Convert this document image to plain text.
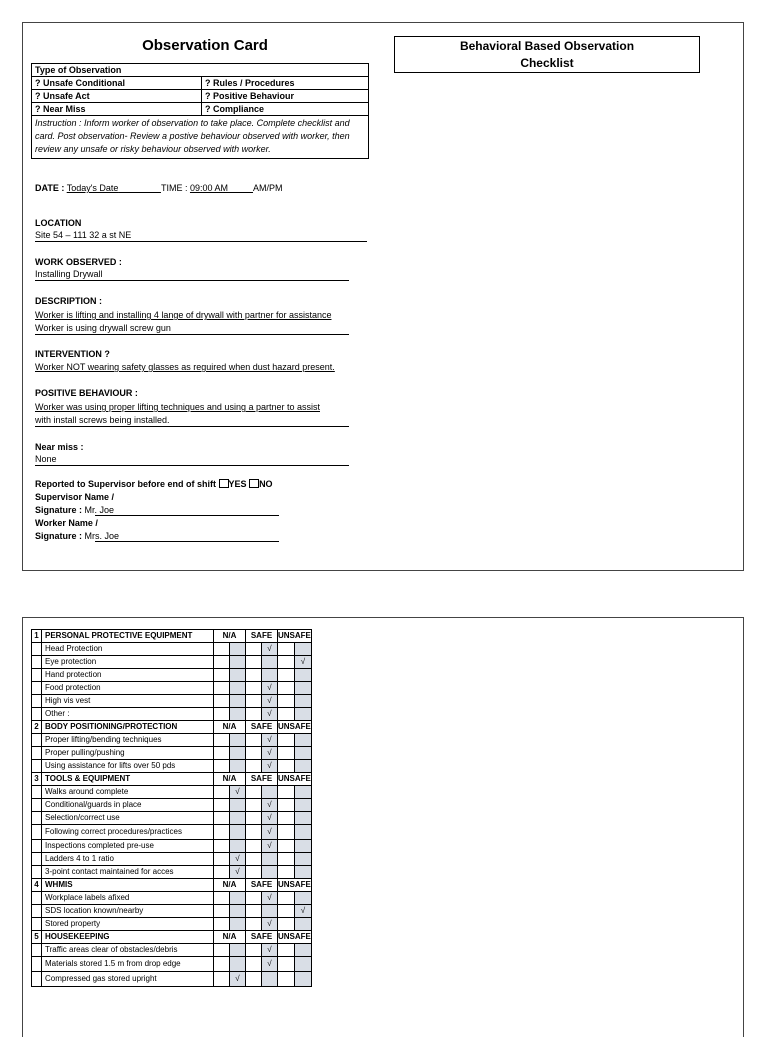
Observation Card
Type of Observation	
? Unsafe Conditional	? Rules / Procedures
? Unsafe Act	? Positive Behaviour
? Near Miss	? Compliance
Instruction : Inform worker of observation to take place. Complete checklist and card. Post observation- Review a postive behaviour observed with worker, then review any unsafe or risky behaviour observed with worker.	
Behavioral Based Observation
Checklist
DATE : Today's Date	TIME : 09:00 AM	AM/PM
LOCATION
Site 54 – 111 32 a st NE
WORK OBSERVED :
Installing Drywall
DESCRIPTION :
Worker is lifting and installing 4 lange of drywall with partner for assistance
Worker is using drywall screw gun
INTERVENTION ?
Worker NOT wearing safety glasses as reguired when dust hazard present.
POSITIVE BEHAVIOUR :
Worker was using proper lifting techniques and using a partner to assist
with install screws being installed.
Near miss :
None
Reported to Supervisor before end of shift YES NO
Supervisor Name /
Signature : Mr. Joe
Worker Name /
Signature : Mrs. Joe
1	PERSONAL PROTECTIVE EQUIPMENT	N/A		SAFE		UNSAFE	
	Head Protection				√		
	Eye protection						√
	Hand protection						
	Food protection				√		
	High vis vest				√		
	Other :				√		
2	BODY POSITIONING/PROTECTION	N/A		SAFE		UNSAFE	
	Proper lifting/bending techniques				√		
	Proper pulling/pushing				√		
	Using assistance for lifts over 50 pds				√		
3	TOOLS & EQUIPMENT	N/A		SAFE		UNSAFE	
	Walks around complete		√				
	Conditional/guards in place				√		
	Selection/correct use				√		
	Following correct procedures/practices				√		
	Inspections completed pre-use				√		
	Ladders 4 to 1 ratio		√				
	3-point contact maintained for acces		√				
4	WHMIS	N/A		SAFE		UNSAFE	
	Workplace labels afixed				√		
	SDS location known/nearby						√
	Stored property				√		
5	HOUSEKEEPING	N/A		SAFE		UNSAFE	
	Traffic areas clear of obstacles/debris				√		
	Materials stored 1.5 m from drop edge				√		
	Compressed gas stored upright		√				
